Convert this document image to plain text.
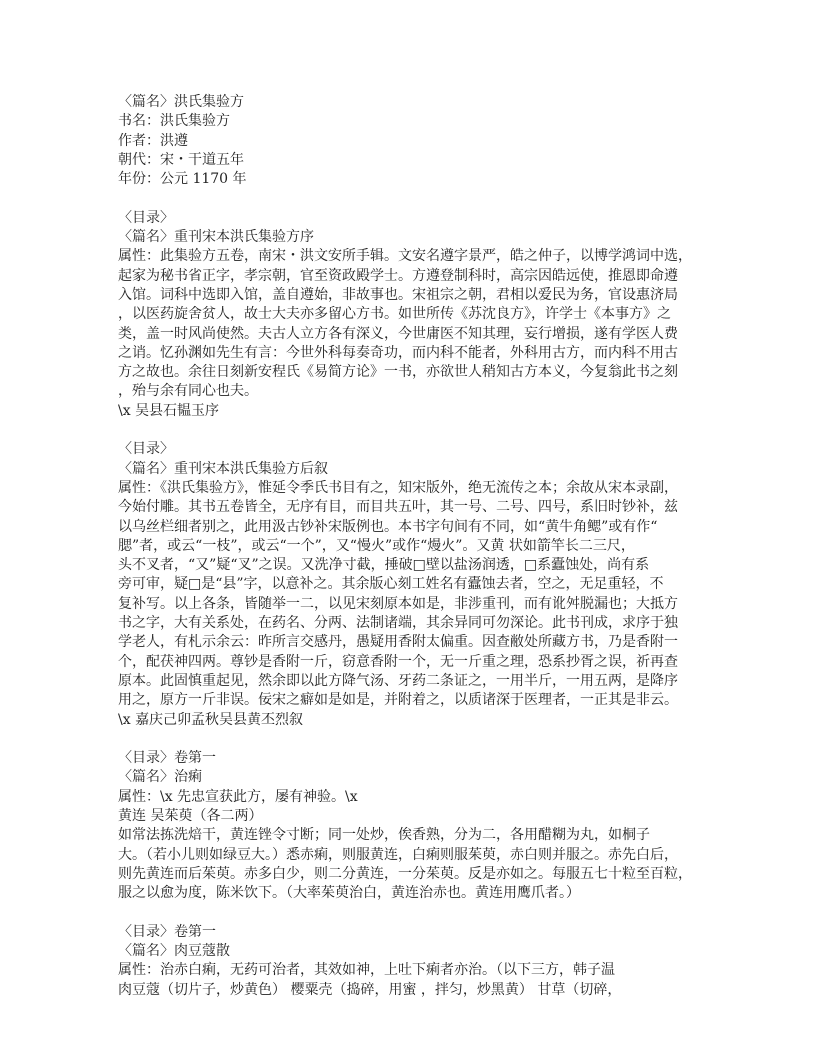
〈篇名〉洪氏集验方
书名：洪氏集验方
作者：洪遵
朝代：宋・干道五年
年份：公元 1170 年
〈目录〉
〈篇名〉重刊宋本洪氏集验方序
属性：此集验方五卷，南宋・洪文安所手辑。文安名遵字景严，皓之仲子，以博学鸿词中选，
起家为秘书省正字，孝宗朝，官至资政殿学士。方遵登制科时，高宗因皓远使，推恩即命遵
入馆。词科中选即入馆，盖自遵始，非故事也。宋祖宗之朝，君相以爱民为务，官设惠济局
，以医药旋舍贫人，故士大夫亦多留心方书。如世所传《苏沈良方》，许学士《本事方》之
类，盖一时风尚使然。夫古人立方各有深义，今世庸医不知其理，妄行增损，遂有学医人费
之诮。忆孙渊如先生有言：今世外科每奏奇功，而内科不能者，外科用古方，而内科不用古
方之故也。余往日刻新安程氏《易简方论》一书，亦欲世人稍知古方本义，今复翁此书之刻
，殆与余有同心也夫。
\x 吴县石韫玉序
〈目录〉
〈篇名〉重刊宋本洪氏集验方后叙
属性：《洪氏集验方》，惟延令季氏书目有之，知宋版外，绝无流传之本；余故从宋本录副，
今始付雕。其书五卷皆全，无序有目，而目共五叶，其一号、二号、四号，系旧时钞补，兹
以乌丝栏细者别之，此用汲古钞补宋版例也。本书字句间有不同，如“黄牛角鳃”或有作“
腮”者，或云“一枝”，或云“一个”，又“慢火”或作“熳火”。又黄 状如箭竿长二三尺，
头不叉者，“又”疑“叉”之误。又洗净寸截，捶破□壁以盐汤润透，□系蠹蚀处，尚有系
旁可审，疑□是“县”字，以意补之。其余版心刻工姓名有蠹蚀去者，空之，无足重轻，不
复补写。以上各条，皆随举一二，以见宋刻原本如是，非涉重刊，而有讹舛脱漏也；大抵方
书之字，大有关系处，在药名、分两、法制诸端，其余异同可勿深论。此书刊成，求序于独
学老人，有札示余云：昨所言交感丹，愚疑用香附太偏重。因查敝处所藏方书，乃是香附一
个，配茯神四两。尊钞是香附一斤，窃意香附一个，无一斤重之理，恐系抄胥之误，祈再查
原本。此固慎重起见，然余即以此方降气汤、牙药二条证之，一用半斤，一用五两，是降序
用之，原方一斤非误。佞宋之癖如是如是，并附着之，以质诸深于医理者，一正其是非云。
\x 嘉庆己卯孟秋吴县黄丕烈叙
〈目录〉卷第一
〈篇名〉治痢
属性：\x 先忠宣获此方，屡有神验。\x
黄连 吴茱萸（各二两）
如常法拣洗焙干，黄连锉令寸断；同一处炒，俟香熟，分为二，各用醋糊为丸，如桐子
大。（若小儿则如绿豆大。）悉赤痢，则服黄连，白痢则服茱萸，赤白则并服之。赤先白后，
则先黄连而后茱萸。赤多白少，则二分黄连，一分茱萸。反是亦如之。每服五七十粒至百粒，
服之以愈为度，陈米饮下。（大率茱萸治白，黄连治赤也。黄连用鹰爪者。）
〈目录〉卷第一
〈篇名〉肉豆蔻散
属性：治赤白痢，无药可治者，其效如神，上吐下痢者亦治。（以下三方，韩子温
肉豆蔻（切片子，炒黄色） 樱粟壳（捣碎，用蜜 ，拌匀，炒黑黄） 甘草（切碎，
